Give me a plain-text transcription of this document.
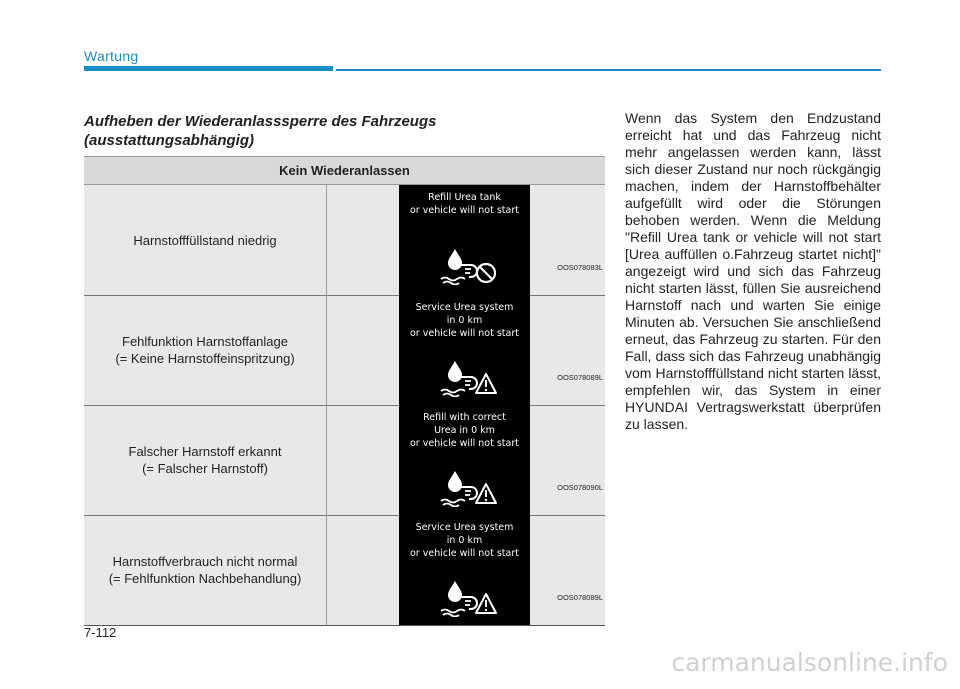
Wartung
Aufheben der Wiederanlasssperre des Fahrzeugs (ausstattungsabhängig)
Kein Wiederanlassen
Harnstofffüllstand niedrig
Refill Urea tank
or vehicle will not start
OOS078083L
Fehlfunktion Harnstoffanlage
(= Keine Harnstoffeinspritzung)
Service Urea system
in 0 km
or vehicle will not start
OOS078089L
Falscher Harnstoff erkannt
(= Falscher Harnstoff)
Refill with correct
Urea in 0 km
or vehicle will not start
OOS078090L
Harnstoffverbrauch nicht normal
(= Fehlfunktion Nachbehandlung)
Service Urea system
in 0 km
or vehicle will not start
OOS078089L
Wenn das System den Endzustand erreicht hat und das Fahrzeug nicht mehr angelassen werden kann, lässt sich dieser Zustand nur noch rückgängig machen, indem der Harnstoffbehälter aufgefüllt wird oder die Störungen behoben werden. Wenn die Meldung "Refill Urea tank or vehicle will not start [Urea auffüllen o.Fahrzeug startet nicht]" angezeigt wird und sich das Fahrzeug nicht starten lässt, füllen Sie ausreichend Harnstoff nach und warten Sie einige Minuten ab. Versuchen Sie anschließend erneut, das Fahrzeug zu starten. Für den Fall, dass sich das Fahrzeug unabhängig vom Harnstofffüllstand nicht starten lässt, empfehlen wir, das System in einer HYUNDAI Vertragswerkstatt überprüfen zu lassen.
7-112
carmanualsonline.info
